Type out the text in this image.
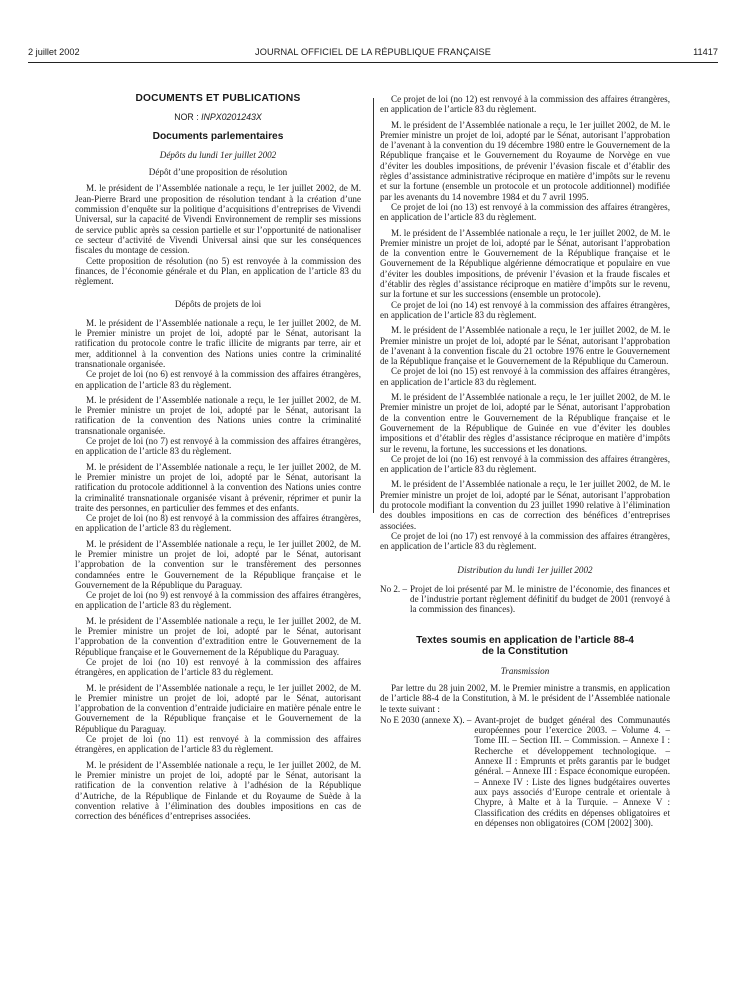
2 juillet 2002	JOURNAL OFFICIEL DE LA RÉPUBLIQUE FRANÇAISE	11417
DOCUMENTS ET PUBLICATIONS
NOR : INPX0201243X
Documents parlementaires
Dépôts du lundi 1er juillet 2002
Dépôt d’une proposition de résolution

M. le président de l’Assemblée nationale a reçu, le 1er juillet 2002, de M. Jean-Pierre Brard une proposition de résolution tendant à la création d’une commission d’enquête sur la politique d’acquisitions d’entreprises de Vivendi Universal, sur la capacité de Vivendi Environnement de remplir ses missions de service public après sa cession partielle et sur l’opportunité de nationaliser ce secteur d’activité de Vivendi Universal ainsi que sur les conséquences fiscales du montage de cession.

Cette proposition de résolution (no 5) est renvoyée à la commission des finances, de l’économie générale et du Plan, en application de l’article 83 du règlement.

Dépôts de projets de loi

M. le président de l’Assemblée nationale a reçu, le 1er juillet 2002, de M. le Premier ministre un projet de loi, adopté par le Sénat, autorisant la ratification du protocole contre le trafic illicite de migrants par terre, air et mer, additionnel à la convention des Nations unies contre la criminalité transnationale organisée.

Ce projet de loi (no 6) est renvoyé à la commission des affaires étrangères, en application de l’article 83 du règlement.

M. le président de l’Assemblée nationale a reçu, le 1er juillet 2002, de M. le Premier ministre un projet de loi, adopté par le Sénat, autorisant la ratification de la convention des Nations unies contre la criminalité transnationale organisée.

Ce projet de loi (no 7) est renvoyé à la commission des affaires étrangères, en application de l’article 83 du règlement.

M. le président de l’Assemblée nationale a reçu, le 1er juillet 2002, de M. le Premier ministre un projet de loi, adopté par le Sénat, autorisant la ratification du protocole additionnel à la convention des Nations unies contre la criminalité transnationale organisée visant à prévenir, réprimer et punir la traite des personnes, en particulier des femmes et des enfants.

Ce projet de loi (no 8) est renvoyé à la commission des affaires étrangères, en application de l’article 83 du règlement.

M. le président de l’Assemblée nationale a reçu, le 1er juillet 2002, de M. le Premier ministre un projet de loi, adopté par le Sénat, autorisant l’approbation de la convention sur le transfèrement des personnes condamnées entre le Gouvernement de la République française et le Gouvernement de la République du Paraguay.

Ce projet de loi (no 9) est renvoyé à la commission des affaires étrangères, en application de l’article 83 du règlement.

M. le président de l’Assemblée nationale a reçu, le 1er juillet 2002, de M. le Premier ministre un projet de loi, adopté par le Sénat, autorisant l’approbation de la convention d’extradition entre le Gouvernement de la République française et le Gouvernement de la République du Paraguay.

Ce projet de loi (no 10) est renvoyé à la commission des affaires étrangères, en application de l’article 83 du règlement.

M. le président de l’Assemblée nationale a reçu, le 1er juillet 2002, de M. le Premier ministre un projet de loi, adopté par le Sénat, autorisant l’approbation de la convention d’entraide judiciaire en matière pénale entre le Gouvernement de la République française et le Gouvernement de la République du Paraguay.

Ce projet de loi (no 11) est renvoyé à la commission des affaires étrangères, en application de l’article 83 du règlement.

M. le président de l’Assemblée nationale a reçu, le 1er juillet 2002, de M. le Premier ministre un projet de loi, adopté par le Sénat, autorisant la ratification de la convention relative à l’adhésion de la République d’Autriche, de la République de Finlande et du Royaume de Suède à la convention relative à l’élimination des doubles impositions en cas de correction des bénéfices d’entreprises associées.

Ce projet de loi (no 12) est renvoyé à la commission des affaires étrangères, en application de l’article 83 du règlement.

M. le président de l’Assemblée nationale a reçu, le 1er juillet 2002, de M. le Premier ministre un projet de loi, adopté par le Sénat, autorisant l’approbation de l’avenant à la convention du 19 décembre 1980 entre le Gouvernement de la République française et le Gouvernement du Royaume de Norvège en vue d’éviter les doubles impositions, de prévenir l’évasion fiscale et d’établir des règles d’assistance administrative réciproque en matière d’impôts sur le revenu et sur la fortune (ensemble un protocole et un protocole additionnel) modifiée par les avenants du 14 novembre 1984 et du 7 avril 1995.

Ce projet de loi (no 13) est renvoyé à la commission des affaires étrangères, en application de l’article 83 du règlement.

M. le président de l’Assemblée nationale a reçu, le 1er juillet 2002, de M. le Premier ministre un projet de loi, adopté par le Sénat, autorisant l’approbation de la convention entre le Gouvernement de la République française et le Gouvernement de la République algérienne démocratique et populaire en vue d’éviter les doubles impositions, de prévenir l’évasion et la fraude fiscales et d’établir des règles d’assistance réciproque en matière d’impôts sur le revenu, sur la fortune et sur les successions (ensemble un protocole).

Ce projet de loi (no 14) est renvoyé à la commission des affaires étrangères, en application de l’article 83 du règlement.

M. le président de l’Assemblée nationale a reçu, le 1er juillet 2002, de M. le Premier ministre un projet de loi, adopté par le Sénat, autorisant l’approbation de l’avenant à la convention fiscale du 21 octobre 1976 entre le Gouvernement de la République française et le Gouvernement de la République du Cameroun.

Ce projet de loi (no 15) est renvoyé à la commission des affaires étrangères, en application de l’article 83 du règlement.

M. le président de l’Assemblée nationale a reçu, le 1er juillet 2002, de M. le Premier ministre un projet de loi, adopté par le Sénat, autorisant l’approbation de la convention entre le Gouvernement de la République française et le Gouvernement de la République de Guinée en vue d’éviter les doubles impositions et d’établir des règles d’assistance réciproque en matière d’impôts sur le revenu, la fortune, les successions et les donations.

Ce projet de loi (no 16) est renvoyé à la commission des affaires étrangères, en application de l’article 83 du règlement.

M. le président de l’Assemblée nationale a reçu, le 1er juillet 2002, de M. le Premier ministre un projet de loi, adopté par le Sénat, autorisant l’approbation du protocole modifiant la convention du 23 juillet 1990 relative à l’élimination des doubles impositions en cas de correction des bénéfices d’entreprises associées.

Ce projet de loi (no 17) est renvoyé à la commission des affaires étrangères, en application de l’article 83 du règlement.

Distribution du lundi 1er juillet 2002
No 2. – Projet de loi présenté par M. le ministre de l’économie, des finances et de l’industrie portant règlement définitif du budget de 2001 (renvoyé à la commission des finances).
Textes soumis en application de l’article 88-4
de la Constitution
Transmission

Par lettre du 28 juin 2002, M. le Premier ministre a transmis, en application de l’article 88-4 de la Constitution, à M. le président de l’Assemblée nationale le texte suivant :

No E 2030 (annexe X). – Avant-projet de budget général des Communautés européennes pour l’exercice 2003. – Volume 4. – Tome III. – Section III. – Commission. – Annexe I : Recherche et développement technologique. – Annexe II : Emprunts et prêts garantis par le budget général. – Annexe III : Espace économique européen. – Annexe IV : Liste des lignes budgétaires ouvertes aux pays associés d’Europe centrale et orientale à Chypre, à Malte et à la Turquie. – Annexe V : Classification des crédits en dépenses obligatoires et en dépenses non obligatoires (COM [2002] 300).
